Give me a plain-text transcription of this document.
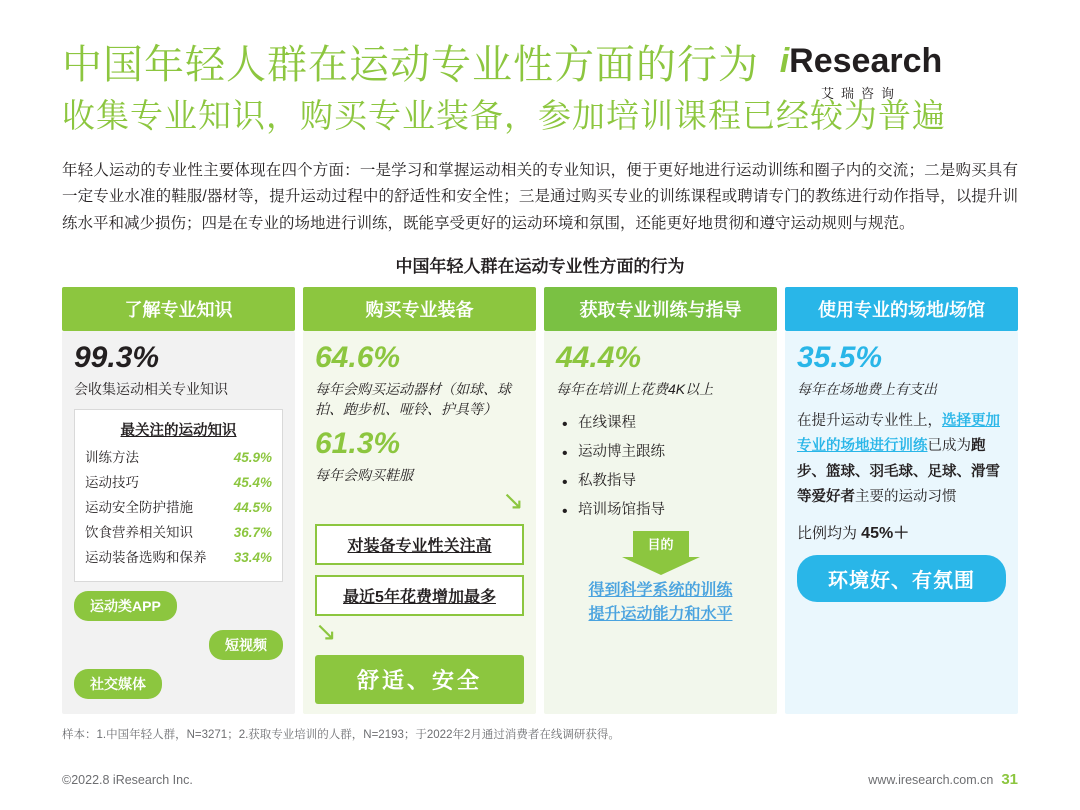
中国年轻人群在运动专业性方面的行为
收集专业知识，购买专业装备，参加培训课程已经较为普遍
iResearch
艾瑞咨询
年轻人运动的专业性主要体现在四个方面：一是学习和掌握运动相关的专业知识，便于更好地进行运动训练和圈子内的交流；二是购买具有一定专业水准的鞋服/器材等，提升运动过程中的舒适性和安全性；三是通过购买专业的训练课程或聘请专门的教练进行动作指导，以提升训练水平和减少损伤；四是在专业的场地进行训练，既能享受更好的运动环境和氛围，还能更好地贯彻和遵守运动规则与规范。
中国年轻人群在运动专业性方面的行为
了解专业知识
99.3%
会收集运动相关专业知识
最关注的运动知识
训练方法	45.9%
运动技巧	45.4%
运动安全防护措施	44.5%
饮食营养相关知识	36.7%
运动装备选购和保养 33.4%
运动类APP
短视频
社交媒体
购买专业装备
64.6%
每年会购买运动器材（如球、球拍、跑步机、哑铃、护具等）
61.3%
每年会购买鞋服
↘
对装备专业性关注高
最近5年花费增加最多
↘
舒适、安全
获取专业训练与指导
44.4%
每年在培训上花费4K以上
• 在线课程
• 运动博主跟练
• 私教指导
• 培训场馆指导
目的
得到科学系统的训练
提升运动能力和水平
使用专业的场地/场馆
35.5%
每年在场地费上有支出
在提升运动专业性上，选择更加专业的场地进行训练已成为跑步、篮球、羽毛球、足球、滑雪等爱好者主要的运动习惯
比例均为 45%＋
环境好、有氛围
样本：1.中国年轻人群，N=3271；2.获取专业培训的人群，N=2193；于2022年2月通过消费者在线调研获得。
©2022.8 iResearch Inc.	www.iresearch.com.cn 31
